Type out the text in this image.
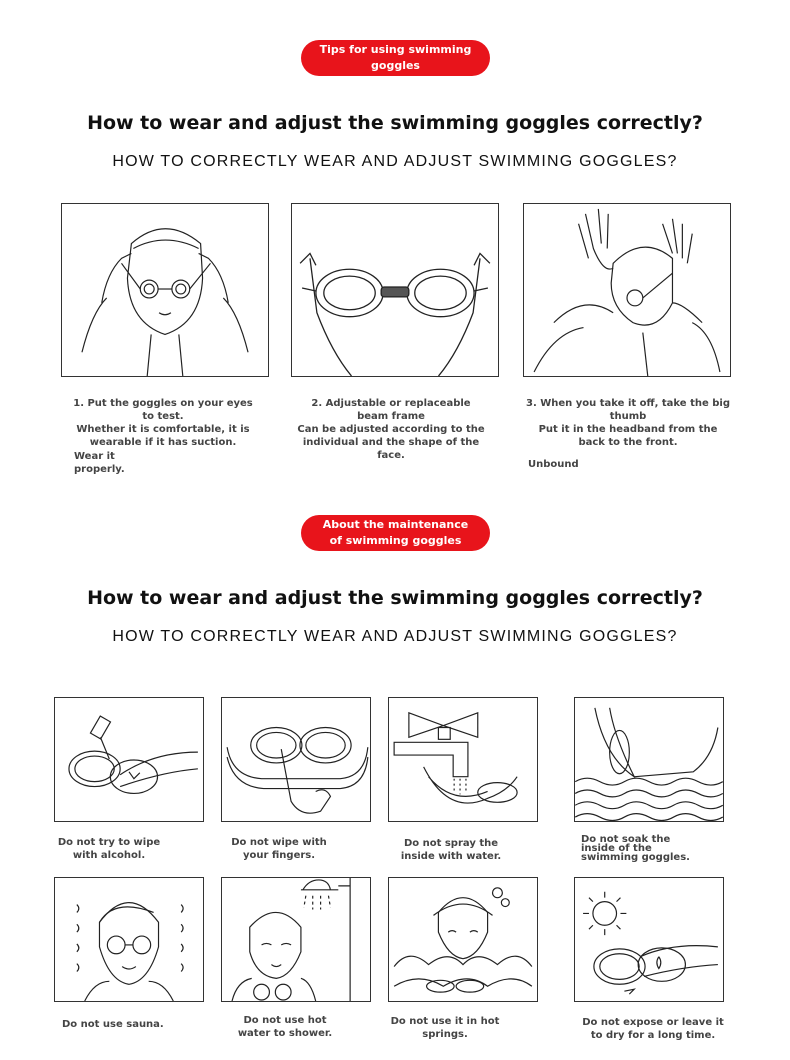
Tips for using swimming goggles
How to wear and adjust the swimming goggles correctly?
HOW TO CORRECTLY WEAR AND ADJUST SWIMMING GOGGLES?

1. Put the goggles on your eyes to test.

Whether it is comfortable, it is wearable if it has suction.

Wear it properly.

2. Adjustable or replaceable beam frame

Can be adjusted according to the individual and the shape of the face.

3. When you take it off, take the big thumb

Put it in the headband from the back to the front.

Unbound
About the maintenance of swimming goggles
How to wear and adjust the swimming goggles correctly?
HOW TO CORRECTLY WEAR AND ADJUST SWIMMING GOGGLES?
Do not try to wipe with alcohol.
Do not wipe with your fingers.
Do not spray the inside with water.
Do not soak the inside of the swimming goggles.
Do not use sauna.	Do not use hot water to shower.
Do not use it in hot springs.
Do not expose or leave it to dry for a long time.
